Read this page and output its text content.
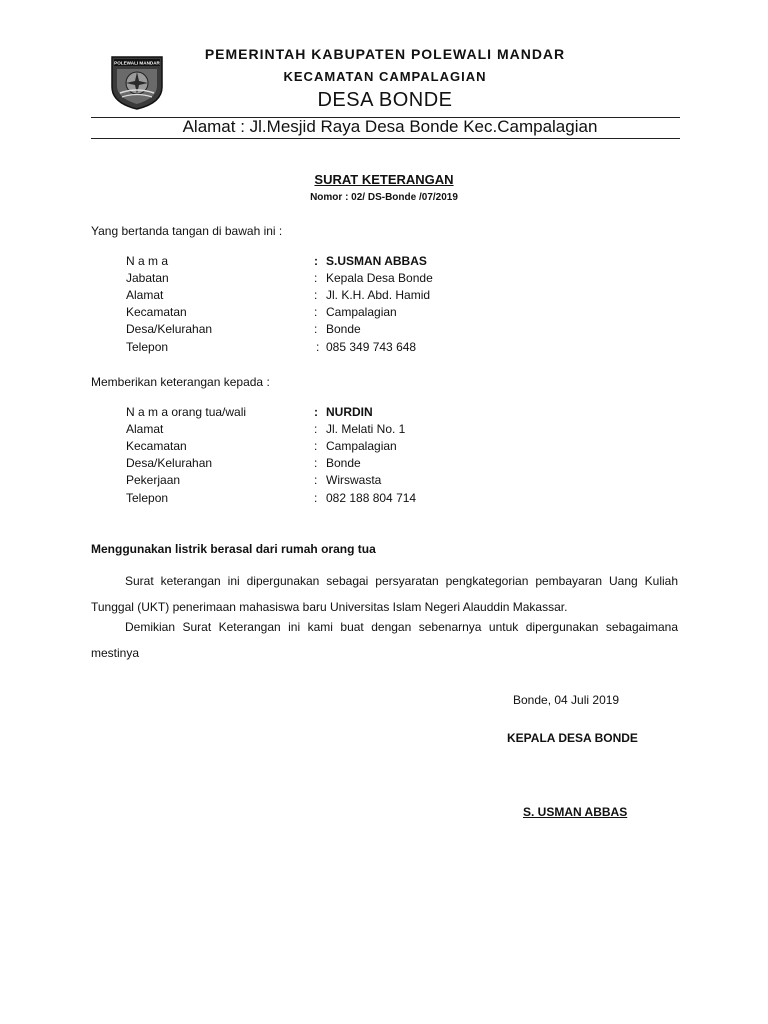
POLEWALI MANDAR
PEMERINTAH KABUPATEN POLEWALI MANDAR
KECAMATAN CAMPALAGIAN
DESA BONDE
Alamat : Jl.Mesjid Raya Desa Bonde Kec.Campalagian
SURAT KETERANGAN
Nomor : 02/ DS-Bonde /07/2019
Yang bertanda tangan di bawah ini :
N a m a	: S.USMAN ABBAS
Jabatan	: Kepala Desa Bonde
Alamat	: Jl. K.H. Abd. Hamid
Kecamatan	: Campalagian
Desa/Kelurahan	: Bonde
Telepon	: 085 349 743 648
Memberikan keterangan kepada :
N a m a orang tua/wali	: NURDIN
Alamat	: Jl. Melati No. 1
Kecamatan	: Campalagian
Desa/Kelurahan	: Bonde
Pekerjaan	: Wirswasta
Telepon	: 082 188 804 714
Menggunakan listrik berasal dari rumah orang tua
Surat keterangan ini dipergunakan sebagai persyaratan pengkategorian pembayaran Uang Kuliah Tunggal (UKT) penerimaan mahasiswa baru Universitas Islam Negeri Alauddin Makassar.
Demikian Surat Keterangan ini kami buat dengan sebenarnya untuk dipergunakan sebagaimana mestinya
Bonde, 04 Juli 2019
KEPALA DESA BONDE
S. USMAN ABBAS
